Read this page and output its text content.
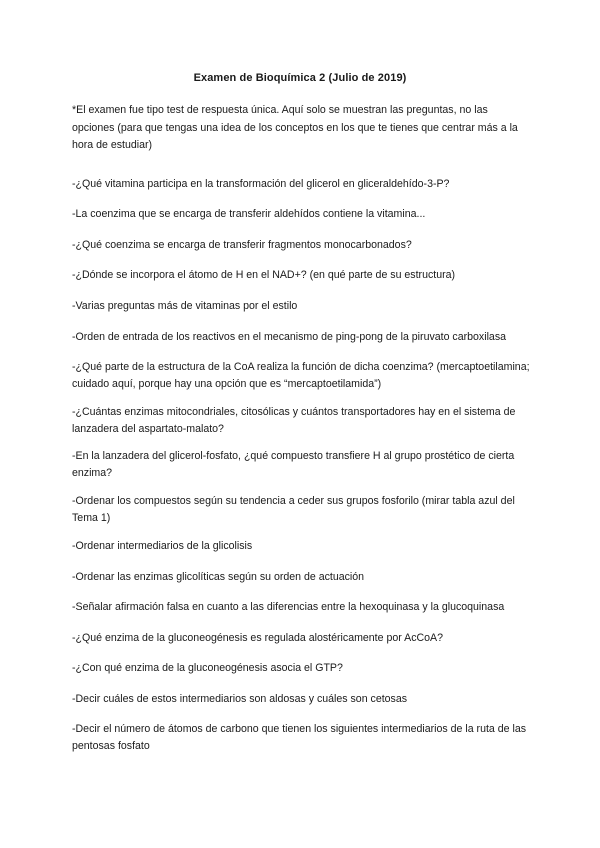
Examen de Bioquímica 2 (Julio de 2019)
*El examen fue tipo test de respuesta única. Aquí solo se muestran las preguntas, no las opciones (para que tengas una idea de los conceptos en los que te tienes que centrar más a la hora de estudiar)
-¿Qué vitamina participa en la transformación del glicerol en gliceraldehído-3-P?
-La coenzima que se encarga de transferir aldehídos contiene la vitamina...
-¿Qué coenzima se encarga de transferir fragmentos monocarbonados?
-¿Dónde se incorpora el átomo de H en el NAD+? (en qué parte de su estructura)
-Varias preguntas más de vitaminas por el estilo
-Orden de entrada de los reactivos en el mecanismo de ping-pong de la piruvato carboxilasa
-¿Qué parte de la estructura de la CoA realiza la función de dicha coenzima? (mercaptoetilamina; cuidado aquí, porque hay una opción que es “mercaptoetilamida”)
-¿Cuántas enzimas mitocondriales, citosólicas y cuántos transportadores hay en el sistema de lanzadera del aspartato-malato?
-En la lanzadera del glicerol-fosfato, ¿qué compuesto transfiere H al grupo prostético de cierta enzima?
-Ordenar los compuestos según su tendencia a ceder sus grupos fosforilo (mirar tabla azul del Tema 1)
-Ordenar intermediarios de la glicolisis
-Ordenar las enzimas glicolíticas según su orden de actuación
-Señalar afirmación falsa en cuanto a las diferencias entre la hexoquinasa y la glucoquinasa
-¿Qué enzima de la gluconeogénesis es regulada alostéricamente por AcCoA?
-¿Con qué enzima de la gluconeogénesis asocia el GTP?
-Decir cuáles de estos intermediarios son aldosas y cuáles son cetosas
-Decir el número de átomos de carbono que tienen los siguientes intermediarios de la ruta de las pentosas fosfato
